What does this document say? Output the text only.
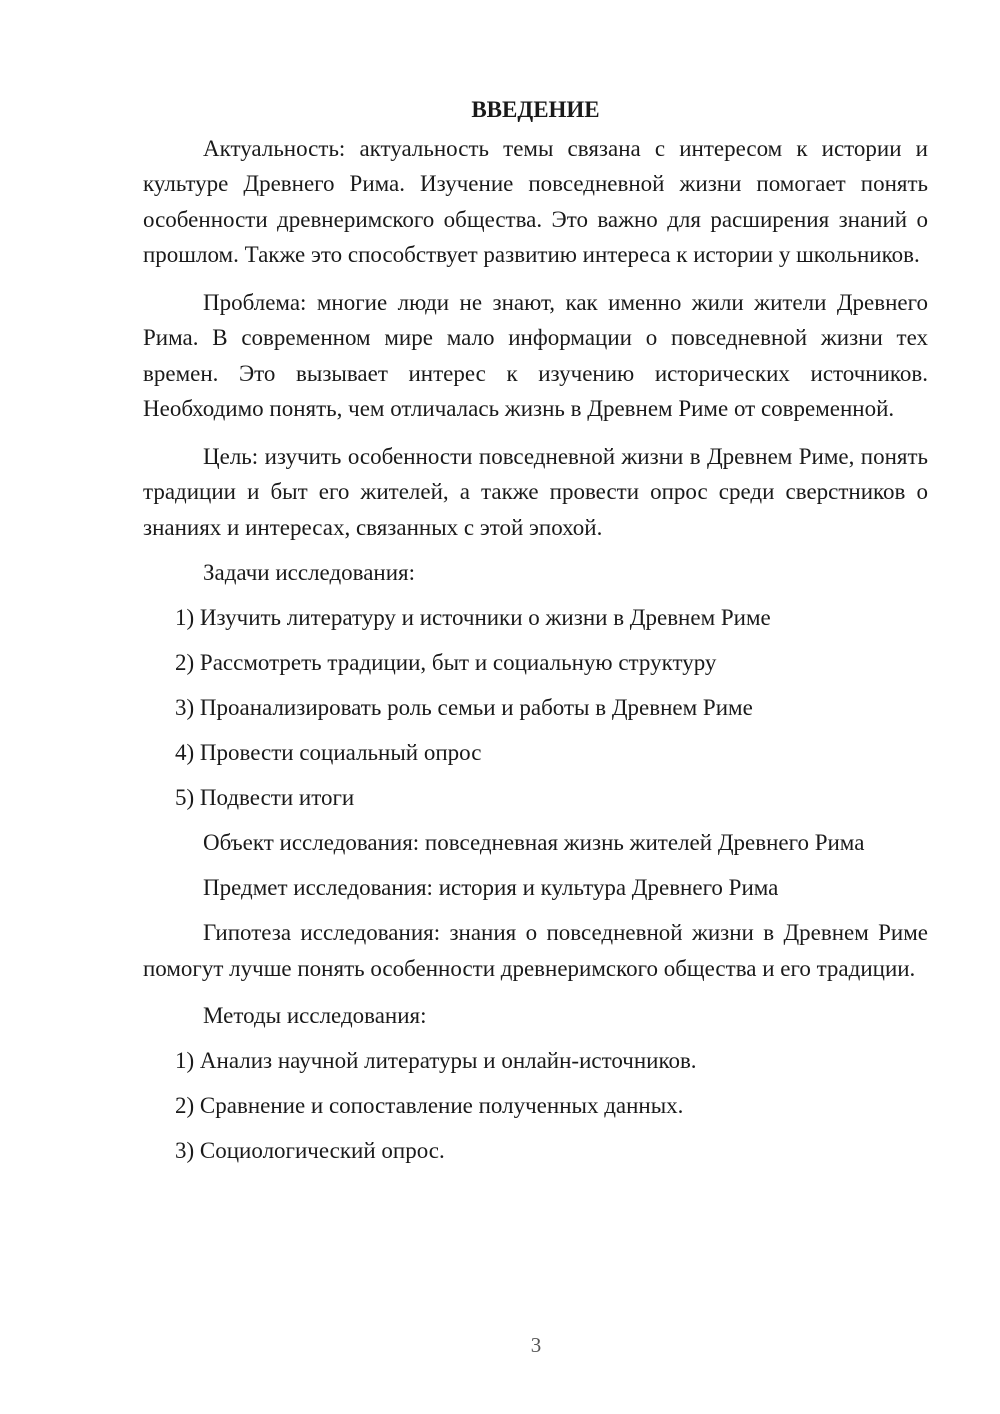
ВВЕДЕНИЕ

Актуальность: актуальность темы связана с интересом к истории и культуре Древнего Рима. Изучение повседневной жизни помогает понять особенности древнеримского общества. Это важно для расширения знаний о прошлом. Также это способствует развитию интереса к истории у школьников.

Проблема: многие люди не знают, как именно жили жители Древнего Рима. В современном мире мало информации о повседневной жизни тех времен. Это вызывает интерес к изучению исторических источников. Необходимо понять, чем отличалась жизнь в Древнем Риме от современной.

Цель: изучить особенности повседневной жизни в Древнем Риме, понять традиции и быт его жителей, а также провести опрос среди сверстников о знаниях и интересах, связанных с этой эпохой.

Задачи исследования:
1) Изучить литературу и источники о жизни в Древнем Риме
2) Рассмотреть традиции, быт и социальную структуру
3) Проанализировать роль семьи и работы в Древнем Риме
4) Провести социальный опрос
5) Подвести итоги
Объект исследования: повседневная жизнь жителей Древнего Рима
Предмет исследования: история и культура Древнего Рима

Гипотеза исследования: знания о повседневной жизни в Древнем Риме помогут лучше понять особенности древнеримского общества и его традиции.

Методы исследования:
1) Анализ научной литературы и онлайн-источников.
2) Сравнение и сопоставление полученных данных.
3) Социологический опрос.
3
